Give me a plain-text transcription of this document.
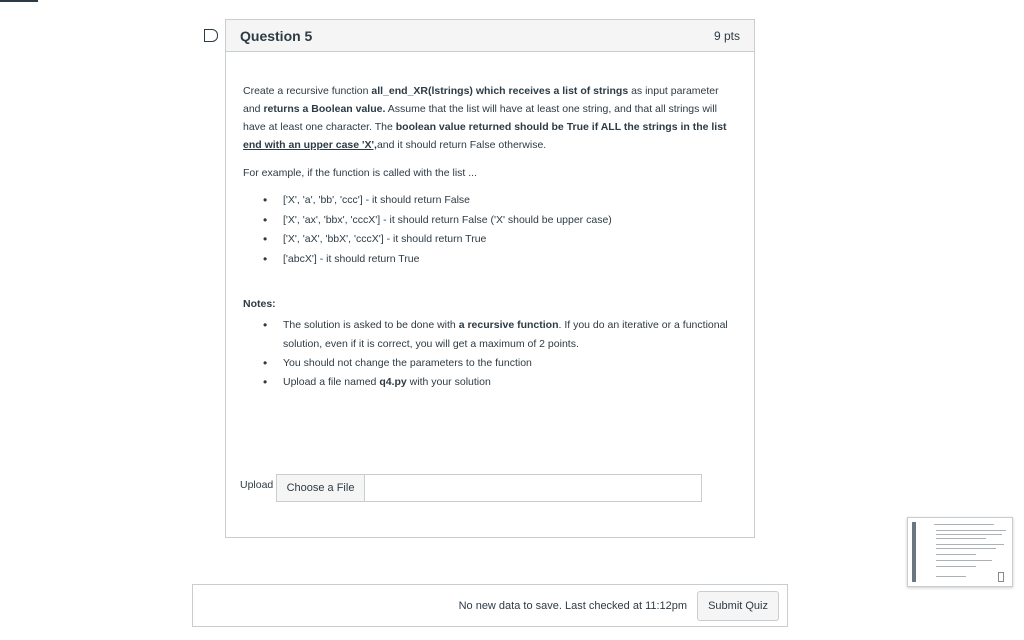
Question 5	9 pts

Create a recursive function all_end_XR(lstrings) which receives a list of strings as input parameter and returns a Boolean value. Assume that the list will have at least one string, and that all strings will have at least one character. The boolean value returned should be True if ALL the strings in the list end with an upper case 'X',and it should return False otherwise.

For example, if the function is called with the list ...

• ['X', 'a', 'bb', 'ccc'] - it should return False
• ['X', 'ax', 'bbx', 'cccX'] - it should return False ('X' should be upper case)
• ['X', 'aX', 'bbX', 'cccX'] - it should return True
• ['abcX'] - it should return True

Notes:

• The solution is asked to be done with a recursive function. If you do an iterative or a functional solution, even if it is correct, you will get a maximum of 2 points.
• You should not change the parameters to the function
• Upload a file named q4.py with your solution
Upload	Choose a File
No new data to save. Last checked at 11:12pm	Submit Quiz
